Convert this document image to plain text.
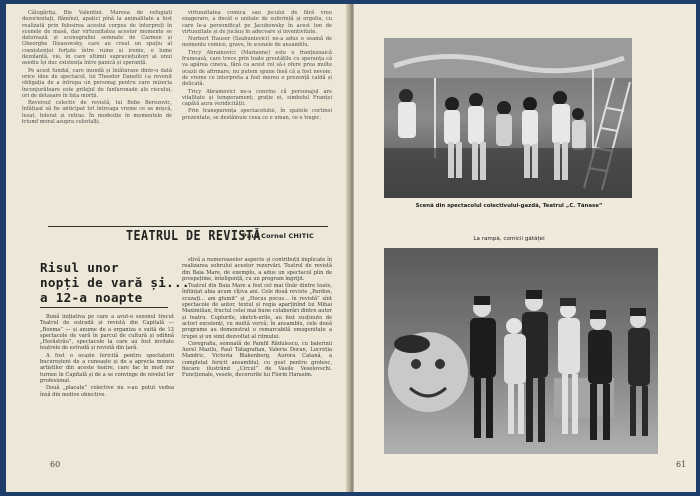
Călugărița, Bie Valentini. Mareea de refugiați dezorientați, flămînzi, apatici pînă la animalitate a fost realizată prin folosirea acestui corpus de interpreți în scenele de masă, dar virtuozitatea acestor momente se datorează și scenografiei semnate de Carmen și Gheorghe Ilisasowsky, care au creat un spațiu al coexistenței forțate între ruine și ironie, o lume dezolantă, vie, în care ultimii supraviețuitori ai unui asediu își duc existența între panică și speranță.

Pe acest fundal, care inundă și înlăturase dintr-o dată orice idee de spectacol, lui Theodor Danetti i-a revenit obligația de a intrupa un personaj pentru care mizeria înconjurătoare este prilejul de fanfaronade ale riscului, ori de detașare în fața morții.

Reversul colectiv de revistă, lui Bebe Berezovic, înfățișat să fie anticipat tot întreaga vreme ce se mișcă, lezat, tolerat și retras. În modestie în momentele de triumf moral asupra celorlalți.

virtuozitatea comica sau jocului de fără vreo exagerare, a decât o unitate de suferință și orgoliu, cu care le-a personificat pe Jacobowsky în acest ton de virtuozitate și de jucăuș în adecvare și inventivitate.

Norbert Hauser (Szabunievici) ne-a adus o seamă de momente comice, grave, în scenele de ansamblu.

Tricy Abramovici (Marianne) este o franțuzoaică frumoasă, care trece prin toate greutățile cu speranța că va apărea cineva, fără ca acest rol să-i ofere prea multe ocazii de afirmare; nu putem spune însă că a fost nevoie, de vreme ce interpreta a fost mereu o prezență caldă și delicată.

Tricy Abramovici ne-a convins că personajul are vitalitate și temperament; grație ei, simbolul Franței capătă aura veridicității.

Prin transparența spectacolului, în spatele cortinei prezentate, se destăinuie ceea ce e uman, ce e tragic.

Paul Cornel CHITIC
TEATRUL DE REVISTĂ
Risul unor
nopți de vară și...
a 12-a noapte

Bună inițiativa pe care a avut-o sezonul trecut Teatrul de estradă și revistă din Capitală — „Boema” — și anume de a organiza o suită de 12 spectacole de vară în parcul de cultură și odihnă „Herăstrău”, spectacole la care au fost invitate teatrele de estradă și revistă din țară.

A fost o ocazie fericită pentru spectatorii bucureșteni de a cunoaște și de a aprecia munca artiștilor din aceste teatre, care fac în mod rar turnee în Capitală și de a se convinge de nivelul lor profesional.

Două „placate” colective nu s-au putut vedea însă din motive obiective.

stivă a numeroaselor aspecte și contribuții implicate în realizarea sobrului acestor rezervări. Teatrul de revistă din Baia Mare, de exemplu, a adus un spectacol plin de prospețime, inteligență, cu un program îngrijit.

Teatrul din Baia Mare a fost cel mai tînăr dintre toate, înființat abia acum cîțiva ani. Cele două reviste „Pardon, scuzați... am glumit” și „Hocus pocus... în revistă” sînt spectacole de autor, textul și regia aparținînd lui Mihai Maximilian, fructul celei mai bune colaborări dintre autor și teatru. Cuplurile, sketch-urile, au fost susținute de actori excelenți, cu multă vervă; în ansamblu, cele două programe au demonstrat o remarcabilă omogenitate a trupei și un simț dezvoltat al ritmului.

Coregrafia, semnată de Pamfil Rădulescu, cu balerinii Aurel Mazilu, Paul Tatagrafian, Valeria Doran, Lucreția Mandric, Victoria Blakenberg, Aurora Catană, a completat fericit ansamblul, cu gust pentru grotesc, fiecare ilustrând „Circul” de Vasile Veselovschi. Funcționale, vesele, decorurile lui Florin Harasim.

60
Scenă din spectacolul colectivului-gazdă, Teatrul „C. Tănase”
La rampă, comicii gătăței
61
